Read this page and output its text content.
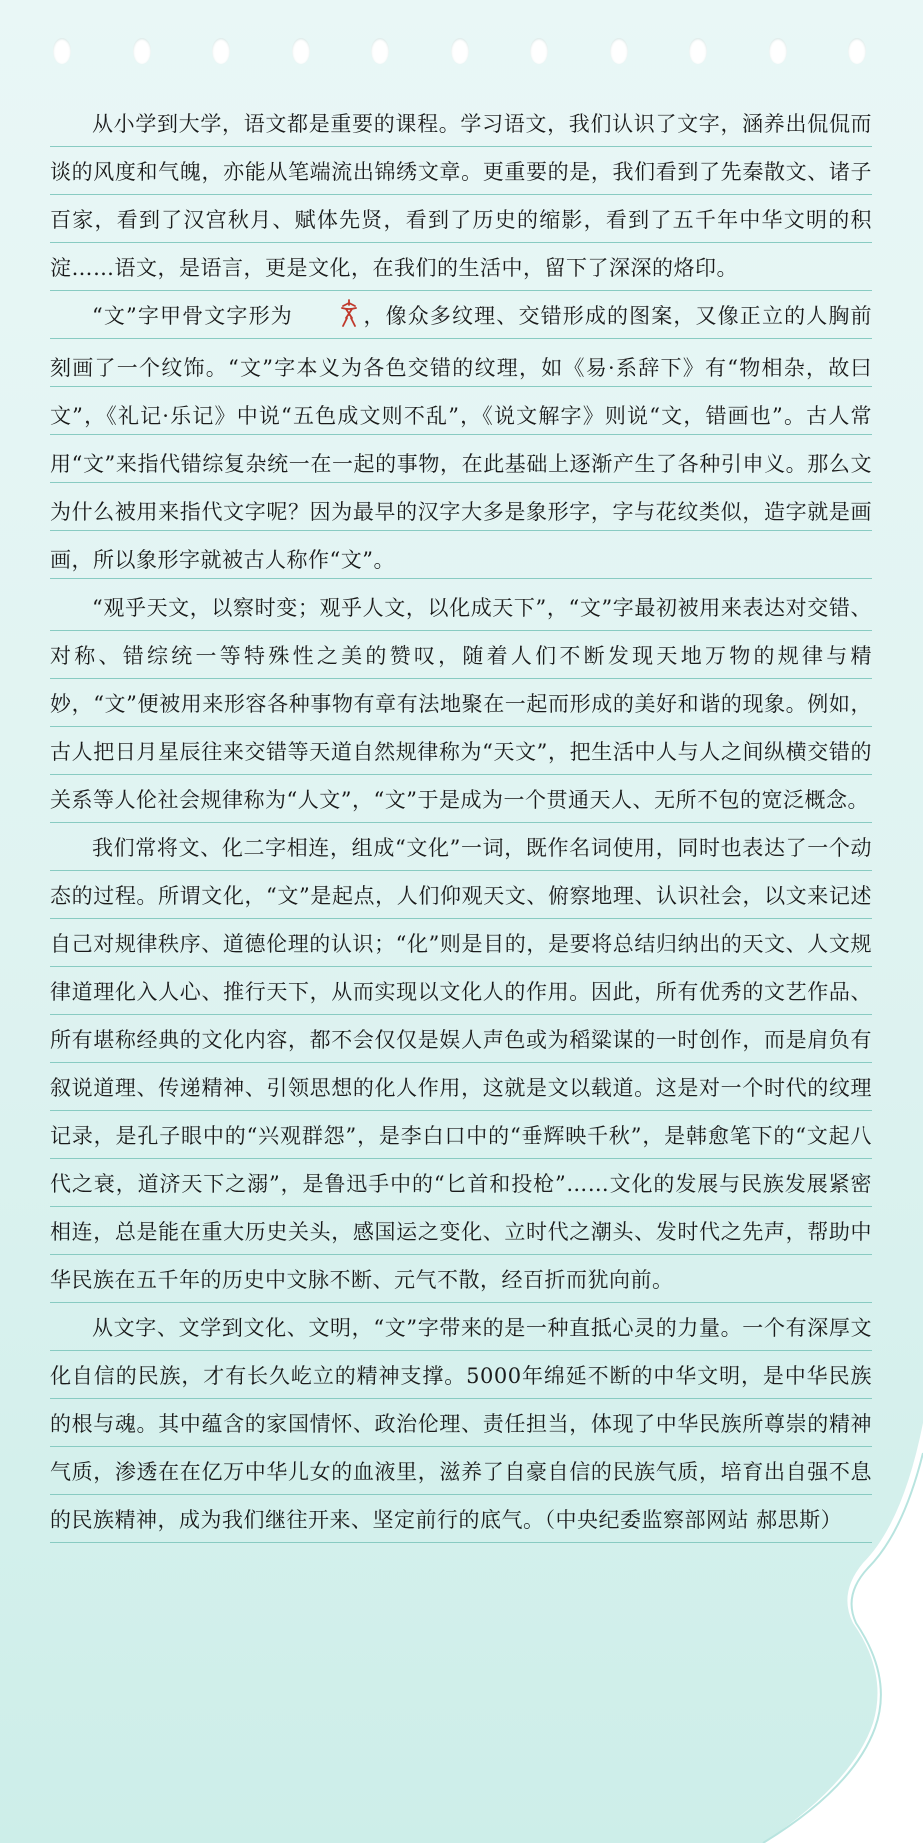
从小学到大学，语文都是重要的课程。学习语文，我们认识了文字，涵养出侃侃而谈的风度和气魄，亦能从笔端流出锦绣文章。更重要的是，我们看到了先秦散文、诸子百家，看到了汉宫秋月、赋体先贤，看到了历史的缩影，看到了五千年中华文明的积淀……语文，是语言，更是文化，在我们的生活中，留下了深深的烙印。

“文”字甲骨文字形为	，像众多纹理、交错形成的图案，又像正立的人胸前刻画了一个纹饰。“文”字本义为各色交错的纹理，如《易·系辞下》有“物相杂，故曰文”，《礼记·乐记》中说“五色成文则不乱”，《说文解字》则说“文，错画也”。古人常用“文”来指代错综复杂统一在一起的事物，在此基础上逐渐产生了各种引申义。那么文为什么被用来指代文字呢？因为最早的汉字大多是象形字，字与花纹类似，造字就是画画，所以象形字就被古人称作“文”。

“观乎天文，以察时变；观乎人文，以化成天下”，“文”字最初被用来表达对交错、对称、错综统一等特殊性之美的赞叹，随着人们不断发现天地万物的规律与精妙，“文”便被用来形容各种事物有章有法地聚在一起而形成的美好和谐的现象。例如，古人把日月星辰往来交错等天道自然规律称为“天文”，把生活中人与人之间纵横交错的关系等人伦社会规律称为“人文”，“文”于是成为一个贯通天人、无所不包的宽泛概念。

我们常将文、化二字相连，组成“文化”一词，既作名词使用，同时也表达了一个动态的过程。所谓文化，“文”是起点，人们仰观天文、俯察地理、认识社会，以文来记述自己对规律秩序、道德伦理的认识；“化”则是目的，是要将总结归纳出的天文、人文规律道理化入人心、推行天下，从而实现以文化人的作用。因此，所有优秀的文艺作品、所有堪称经典的文化内容，都不会仅仅是娱人声色或为稻粱谋的一时创作，而是肩负有叙说道理、传递精神、引领思想的化人作用，这就是文以载道。这是对一个时代的纹理记录，是孔子眼中的“兴观群怨”，是李白口中的“垂辉映千秋”，是韩愈笔下的“文起八代之衰，道济天下之溺”，是鲁迅手中的“匕首和投枪”……文化的发展与民族发展紧密相连，总是能在重大历史关头，感国运之变化、立时代之潮头、发时代之先声，帮助中华民族在五千年的历史中文脉不断、元气不散，经百折而犹向前。

从文字、文学到文化、文明，“文”字带来的是一种直抵心灵的力量。一个有深厚文化自信的民族，才有长久屹立的精神支撑。5000年绵延不断的中华文明，是中华民族的根与魂。其中蕴含的家国情怀、政治伦理、责任担当，体现了中华民族所尊崇的精神气质，渗透在在亿万中华儿女的血液里，滋养了自豪自信的民族气质，培育出自强不息的民族精神，成为我们继往开来、坚定前行的底气。（中央纪委监察部网站 郝思斯）
